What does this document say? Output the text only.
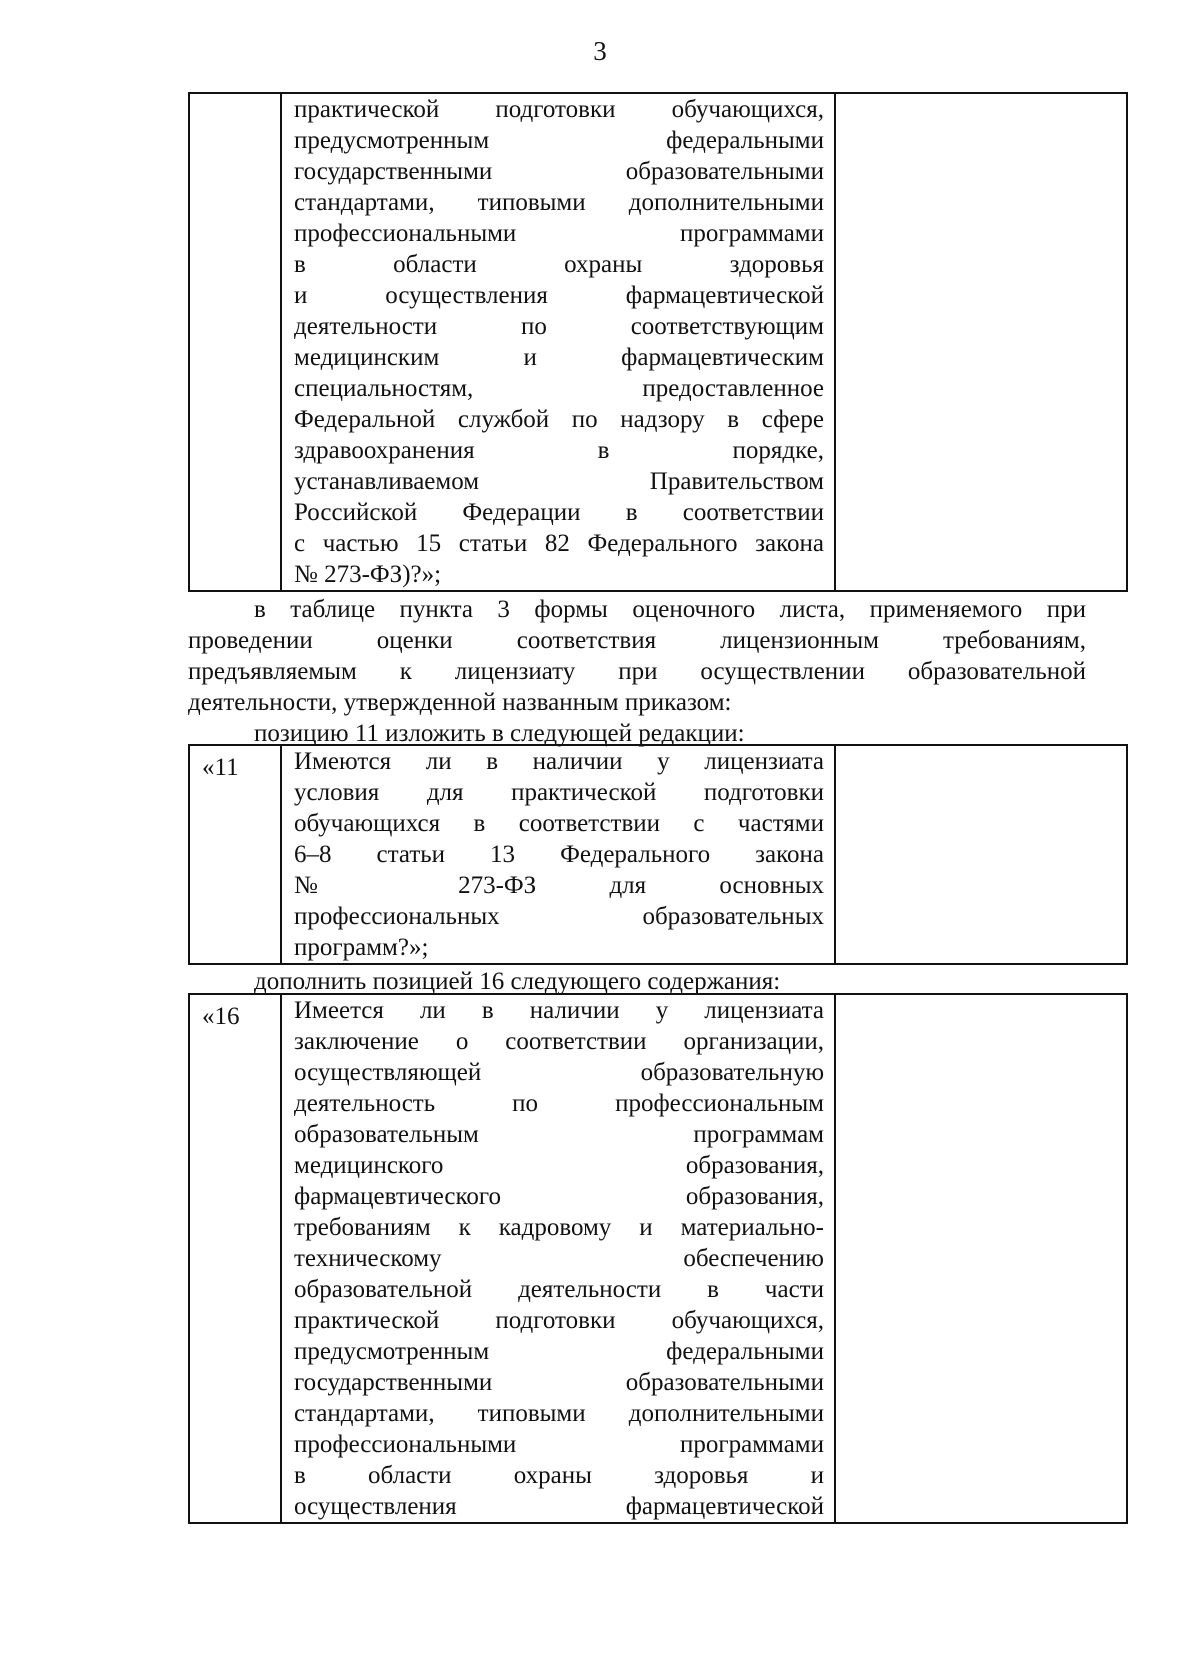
3

практической подготовки обучающихся,
предусмотренным федеральными
государственными образовательными
стандартами, типовыми дополнительными
профессиональными программами
в области охраны здоровья
и осуществления фармацевтической
деятельности по соответствующим
медицинским и фармацевтическим
специальностям, предоставленное
Федеральной службой по надзору в сфере
здравоохранения в порядке,
устанавливаемом Правительством
Российской Федерации в соответствии
с частью 15 статьи 82 Федерального закона
№ 273-ФЗ)?»;

в таблице пункта 3 формы оценочного листа, применяемого при
проведении оценки соответствия лицензионным требованиям,
предъявляемым к лицензиату при осуществлении образовательной
деятельности, утвержденной названным приказом:
позицию 11 изложить в следующей редакции:
«11	Имеются ли в наличии у лицензиата
условия для практической подготовки
обучающихся в соответствии с частями
6–8 статьи 13 Федерального закона
№ 273-ФЗ для основных
профессиональных образовательных
программ?»;

дополнить позицией 16 следующего содержания:
«16	Имеется ли в наличии у лицензиата
заключение о соответствии организации,
осуществляющей образовательную
деятельность по профессиональным
образовательным программам
медицинского образования,
фармацевтического образования,
требованиям к кадровому и материально-
техническому обеспечению
образовательной деятельности в части
практической подготовки обучающихся,
предусмотренным федеральными
государственными образовательными
стандартами, типовыми дополнительными
профессиональными программами
в области охраны здоровья и
осуществления фармацевтической
